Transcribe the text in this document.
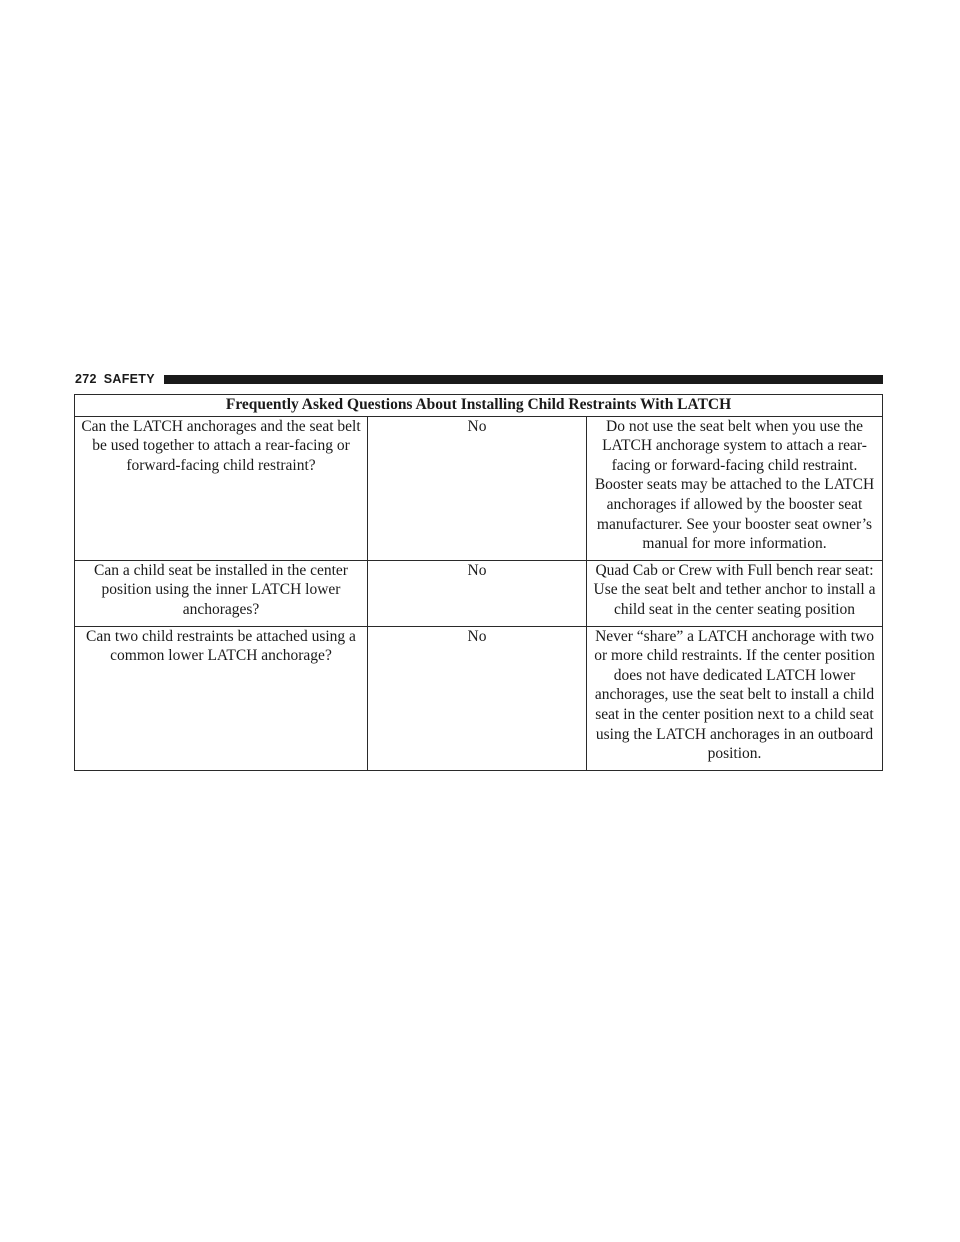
272 SAFETY
Frequently Asked Questions About Installing Child Restraints With LATCH		
Can the LATCH anchorages and the seat belt be used together to attach a rear-facing or forward-facing child restraint?	No	Do not use the seat belt when you use the LATCH anchorage system to attach a rear-facing or forward-facing child restraint.
Booster seats may be attached to the LATCH anchorages if allowed by the booster seat manufacturer. See your booster seat owner’s manual for more information.

Can a child seat be installed in the center position using the inner LATCH lower anchorages?	No	Quad Cab or Crew with Full bench rear seat: Use the seat belt and tether anchor to install a child seat in the center seating position

Can two child restraints be attached using a common lower LATCH anchorage?	No	Never “share” a LATCH anchorage with two or more child restraints. If the center position does not have dedicated LATCH lower anchorages, use the seat belt to install a child seat in the center position next to a child seat using the LATCH anchorages in an outboard position.
